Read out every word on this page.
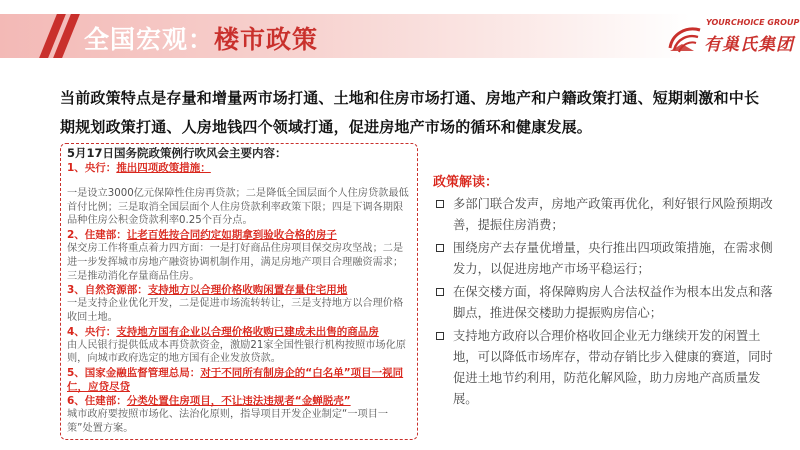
全国宏观：楼市政策
YOURCHOICE GROUP
有巢氏集团
当前政策特点是存量和增量两市场打通、土地和住房市场打通、房地产和户籍政策打通、短期刺激和中长期规划政策打通、人房地钱四个领域打通，促进房地产市场的循环和健康发展。
5月17日国务院政策例行吹风会主要内容：
1、央行：推出四项政策措施：
一是设立3000亿元保障性住房再贷款；二是降低全国层面个人住房贷款最低首付比例；三是取消全国层面个人住房贷款利率政策下限；四是下调各期限品种住房公积金贷款利率0.25个百分点。
2、住建部：让老百姓按合同约定如期拿到验收合格的房子
保交房工作将重点着力四方面：一是打好商品住房项目保交房攻坚战；二是进一步发挥城市房地产融资协调机制作用，满足房地产项目合理融资需求；三是推动消化存量商品住房。
3、自然资源部：支持地方以合理价格收购闲置存量住宅用地
一是支持企业优化开发，二是促进市场流转转让，三是支持地方以合理价格收回土地。
4、央行：支持地方国有企业以合理价格收购已建成未出售的商品房
由人民银行提供低成本再贷款资金，激励21家全国性银行机构按照市场化原则，向城市政府选定的地方国有企业发放贷款。
5、国家金融监督管理总局：对于不同所有制房企的“白名单”项目一视同仁，应贷尽贷
6、住建部：分类处置住房项目，不让违法违规者“金蝉脱壳”
城市政府要按照市场化、法治化原则，指导项目开发企业制定“一项目一策”处置方案。
政策解读：
多部门联合发声，房地产政策再优化，利好银行风险预期改善，提振住房消费；
围绕房产去存量优增量，央行推出四项政策措施，在需求侧发力，以促进房地产市场平稳运行；
在保交楼方面，将保障购房人合法权益作为根本出发点和落脚点，推进保交楼助力提振购房信心；
支持地方政府以合理价格收回企业无力继续开发的闲置土地，可以降低市场库存，带动存销比步入健康的赛道，同时促进土地节约利用，防范化解风险，助力房地产高质量发展。
